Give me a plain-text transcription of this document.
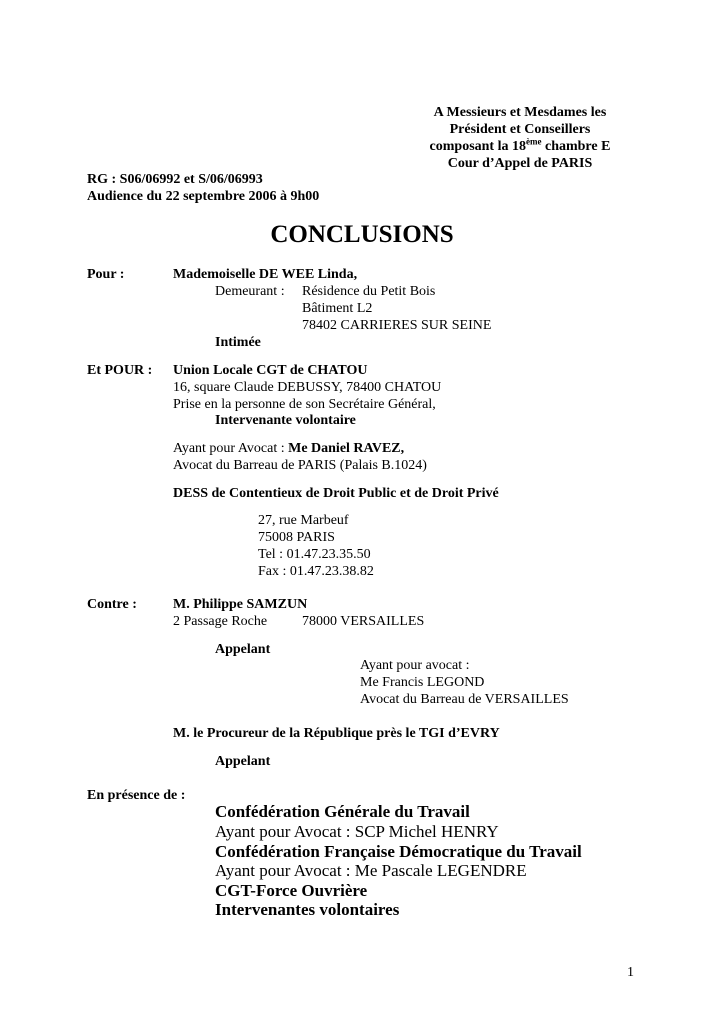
A Messieurs et Mesdames les
Président et Conseillers
composant la 18ème chambre E
Cour d’Appel de PARIS
RG : S06/06992 et S/06/06993
Audience du 22 septembre 2006 à 9h00
CONCLUSIONS
Pour :	Mademoiselle DE WEE Linda,
Demeurant : Résidence du Petit Bois
Bâtiment L2
78402 CARRIERES SUR SEINE
Intimée
Et POUR : Union Locale CGT de CHATOU
16, square Claude DEBUSSY, 78400 CHATOU
Prise en la personne de son Secrétaire Général,
Intervenante volontaire
Ayant pour Avocat : Me Daniel RAVEZ,
Avocat du Barreau de PARIS (Palais B.1024)
DESS de Contentieux de Droit Public et de Droit Privé
27, rue Marbeuf
75008 PARIS
Tel : 01.47.23.35.50
Fax : 01.47.23.38.82
Contre :	M. Philippe SAMZUN
2 Passage Roche 78000 VERSAILLES
Appelant
Ayant pour avocat :
Me Francis LEGOND
Avocat du Barreau de VERSAILLES
M. le Procureur de la République près le TGI d’EVRY
Appelant
En présence de :
Confédération Générale du Travail
Ayant pour Avocat : SCP Michel HENRY
Confédération Française Démocratique du Travail
Ayant pour Avocat : Me Pascale LEGENDRE
CGT-Force Ouvrière
Intervenantes volontaires
1
